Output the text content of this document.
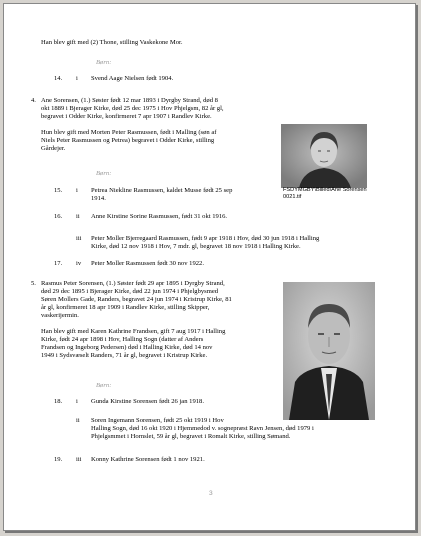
Han blev gift med (2) Thone, stilling Vaskekone Mor.
Børn:
14. i Svend Aage Nielsen født 1904.
4. Ane Sorensen, (1.) Søster født 12 mar 1893 i Dyrgby Strand, død 8
okt 1889 i Bjerager Kirke, død 25 dec 1975 i Hov Phjelgsm, 82 år gl,
begravet i Odder Kirke, konfirmeret 7 apr 1907 i Randlev Kirke.
Hun blev gift med Morten Peter Rasmussen, født i Malling (søn af
Niels Peter Rasmussen og Petrea) begravet i Odder Kirke, stilling
Gårdejer.
FSDYMGBY\Billed\Ane Sorensen
0021.tif
Børn:
15. i Petrea Niekline Rasmussen, kaldet Musse født 25 sep
1914.
16. ii Anne Kirstine Sorine Rasmussen, født 31 okt 1916.
iii Peter Moller Bjerregaard Rasmussen, født 9 apr 1918 i Hov, død 30 jun 1918 i Halling
Kirke, død 12 nov 1918 i Hov, 7 mdr. gl, begravet 18 nov 1918 i Halling Kirke.
17. iv Peter Moller Rasmussen født 30 nov 1922.
5. Rasmus Peter Sorensen, (1.) Søster født 29 apr 1895 i Dyrgby Strand,
død 29 dec 1895 i Bjerager Kirke, død 22 jun 1974 i Phjelgbysmed
Søren Mollers Gade, Randers, begravet 24 jun 1974 i Kristrup Kirke, 81
år gl, konfirmeret 18 apr 1909 i Randlev Kirke, stilling Skipper,
vaskerijermin.
Han blev gift med Karen Kathrine Frandsen, gift 7 aug 1917 i Halling
Kirke, født 24 apr 1898 i Hov, Halling Sogn (datter af Anders
Frandsen og Ingeborg Pedersen) død i Halling Kirke, død 14 nov
1949 i Sydsvæselt Randers, 71 år gl, begravet i Kristrup Kirke.
Børn:
18. i Gunda Kirstine Sorensen født 26 jan 1918.
ii Soren Ingemann Sorensen, født 25 okt 1919 i Hov
Halling Sogn, død 16 okt 1920 i Hjemmedod v. sognepræst Ravn Jensen, død 1979 i
Phjelgsmmet i Hornslet, 59 år gl, begravet i Romalt Kirke, stilling Sømand.
19. iii Konny Kathrine Sorensen født 1 nov 1921.
3
